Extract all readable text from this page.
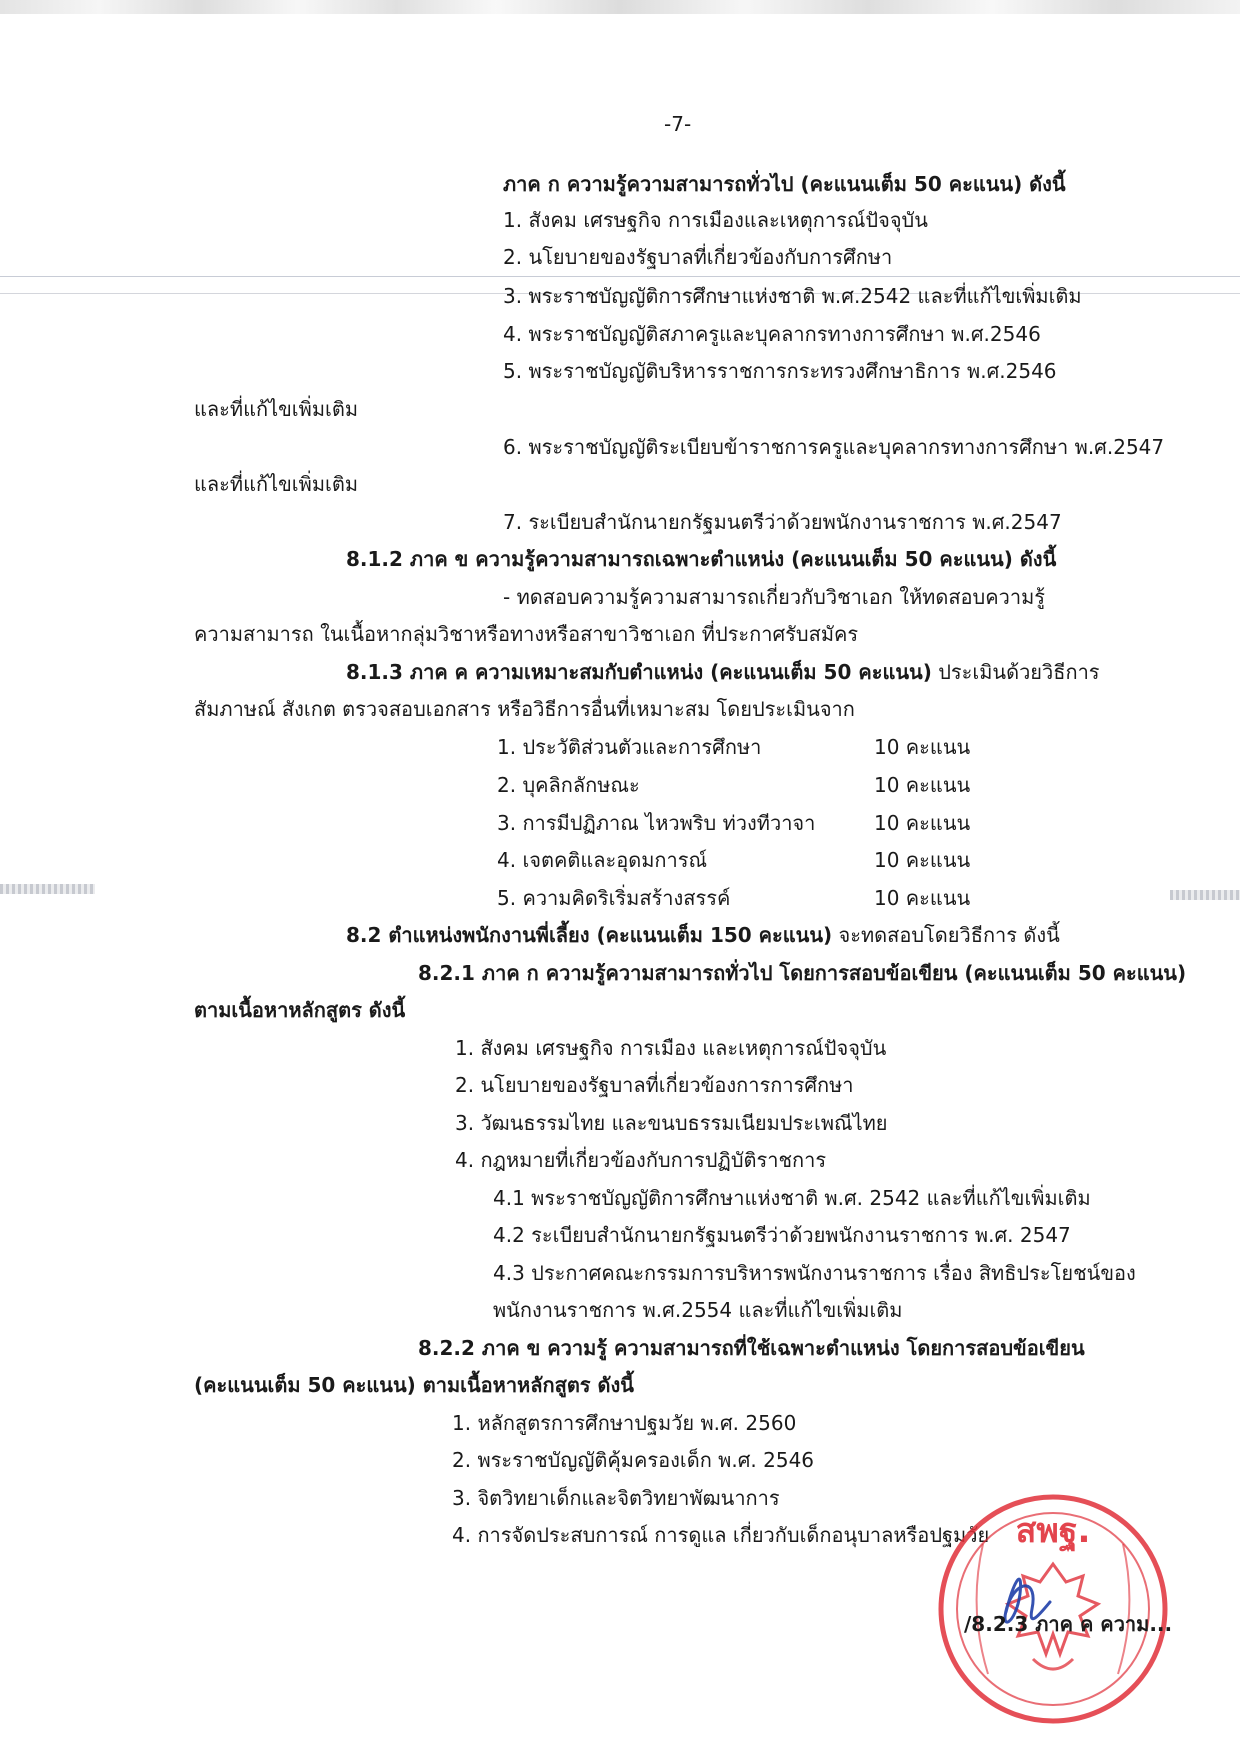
-7-
ภาค ก ความรู้ความสามารถทั่วไป (คะแนนเต็ม 50 คะแนน) ดังนี้
1. สังคม เศรษฐกิจ การเมืองและเหตุการณ์ปัจจุบัน
2. นโยบายของรัฐบาลที่เกี่ยวข้องกับการศึกษา
3. พระราชบัญญัติการศึกษาแห่งชาติ พ.ศ.2542 และที่แก้ไขเพิ่มเติม
4. พระราชบัญญัติสภาครูและบุคลากรทางการศึกษา พ.ศ.2546
5. พระราชบัญญัติบริหารราชการกระทรวงศึกษาธิการ พ.ศ.2546
และที่แก้ไขเพิ่มเติม
6. พระราชบัญญัติระเบียบข้าราชการครูและบุคลากรทางการศึกษา พ.ศ.2547
และที่แก้ไขเพิ่มเติม
7. ระเบียบสำนักนายกรัฐมนตรีว่าด้วยพนักงานราชการ พ.ศ.2547
8.1.2 ภาค ข ความรู้ความสามารถเฉพาะตำแหน่ง (คะแนนเต็ม 50 คะแนน) ดังนี้
- ทดสอบความรู้ความสามารถเกี่ยวกับวิชาเอก ให้ทดสอบความรู้
ความสามารถ ในเนื้อหากลุ่มวิชาหรือทางหรือสาขาวิชาเอก ที่ประกาศรับสมัคร
8.1.3 ภาค ค ความเหมาะสมกับตำแหน่ง (คะแนนเต็ม 50 คะแนน) ประเมินด้วยวิธีการ
สัมภาษณ์ สังเกต ตรวจสอบเอกสาร หรือวิธีการอื่นที่เหมาะสม โดยประเมินจาก
1. ประวัติส่วนตัวและการศึกษา	10 คะแนน
2. บุคลิกลักษณะ	10 คะแนน
3. การมีปฏิภาณ ไหวพริบ ท่วงทีวาจา	10 คะแนน
4. เจตคติและอุดมการณ์	10 คะแนน
5. ความคิดริเริ่มสร้างสรรค์	10 คะแนน
8.2 ตำแหน่งพนักงานพี่เลี้ยง (คะแนนเต็ม 150 คะแนน) จะทดสอบโดยวิธีการ ดังนี้
8.2.1 ภาค ก ความรู้ความสามารถทั่วไป โดยการสอบข้อเขียน (คะแนนเต็ม 50 คะแนน)
ตามเนื้อหาหลักสูตร ดังนี้
1. สังคม เศรษฐกิจ การเมือง และเหตุการณ์ปัจจุบัน
2. นโยบายของรัฐบาลที่เกี่ยวข้องการการศึกษา
3. วัฒนธรรมไทย และขนบธรรมเนียมประเพณีไทย
4. กฎหมายที่เกี่ยวข้องกับการปฏิบัติราชการ
4.1 พระราชบัญญัติการศึกษาแห่งชาติ พ.ศ. 2542 และที่แก้ไขเพิ่มเติม
4.2 ระเบียบสำนักนายกรัฐมนตรีว่าด้วยพนักงานราชการ พ.ศ. 2547
4.3 ประกาศคณะกรรมการบริหารพนักงานราชการ เรื่อง สิทธิประโยชน์ของ
พนักงานราชการ พ.ศ.2554 และที่แก้ไขเพิ่มเติม
8.2.2 ภาค ข ความรู้ ความสามารถที่ใช้เฉพาะตำแหน่ง โดยการสอบข้อเขียน
(คะแนนเต็ม 50 คะแนน) ตามเนื้อหาหลักสูตร ดังนี้
1. หลักสูตรการศึกษาปฐมวัย พ.ศ. 2560
2. พระราชบัญญัติคุ้มครองเด็ก พ.ศ. 2546
3. จิตวิทยาเด็กและจิตวิทยาพัฒนาการ
4. การจัดประสบการณ์ การดูแล เกี่ยวกับเด็กอนุบาลหรือปฐมวัย สพฐ.
/8.2.3 ภาค ค ความ...
